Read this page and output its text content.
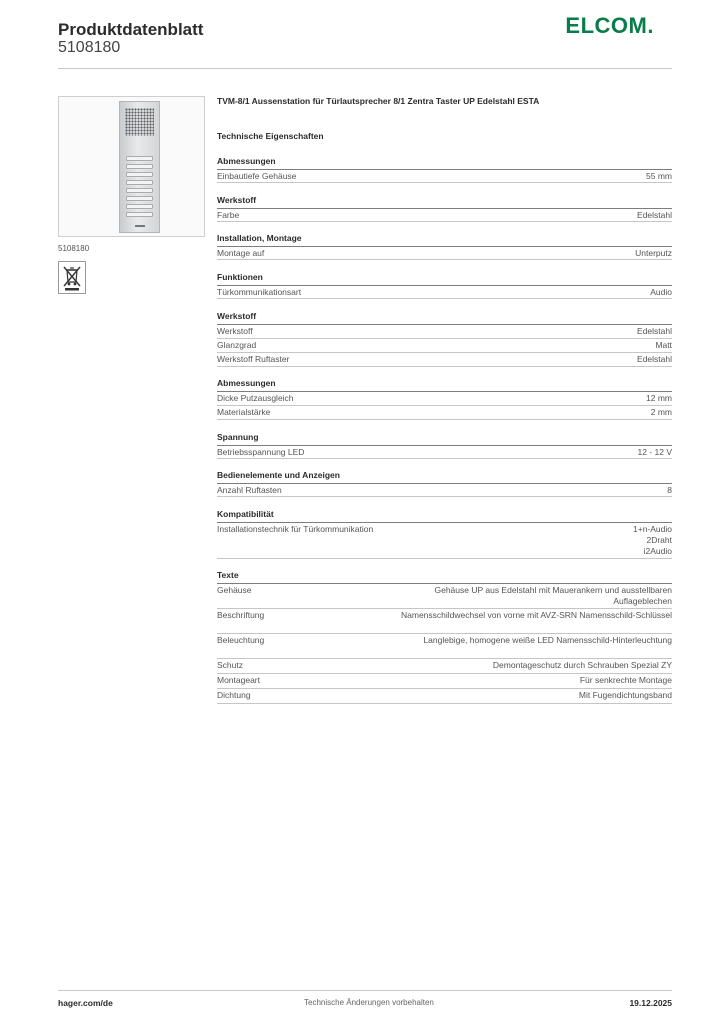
Produktdatenblatt
5108180
ELCOM.
5108180
TVM-8/1 Aussenstation für Türlautsprecher 8/1 Zentra Taster UP Edelstahl ESTA
Technische Eigenschaften
Abmessungen
Einbautiefe Gehäuse	55 mm
Werkstoff
Farbe	Edelstahl
Installation, Montage
Montage auf	Unterputz
Funktionen
Türkommunikationsart	Audio
Werkstoff
Werkstoff	Edelstahl
Glanzgrad	Matt
Werkstoff Ruftaster	Edelstahl
Abmessungen
Dicke Putzausgleich	12 mm
Materialstärke	2 mm
Spannung
Betriebsspannung LED	12 - 12 V
Bedienelemente und Anzeigen
Anzahl Ruftasten	8
Kompatibilität
Installationstechnik für Türkommunikation	1+n-Audio
2Draht
i2Audio
Texte
Gehäuse	Gehäuse UP aus Edelstahl mit Mauerankern und ausstellbaren Auflageblechen
Beschriftung	Namensschildwechsel von vorne mit AVZ-SRN Namensschild-Schlüssel
Beleuchtung	Langlebige, homogene weiße LED Namensschild-Hinterleuchtung
Schutz	Demontageschutz durch Schrauben Spezial ZY
Montageart	Für senkrechte Montage
Dichtung	Mit Fugendichtungsband
hager.com/de	Technische Änderungen vorbehalten	19.12.2025
